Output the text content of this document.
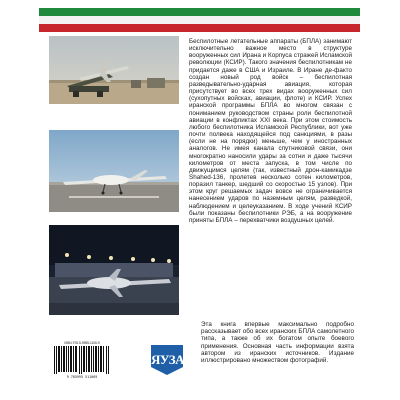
Беспилотные летательные аппараты (БПЛА) занимают исключительно важное место в структуре вооруженных сил Ирана и Корпуса стражей Исламской революции (КСИР). Такого значения беспилотникам не придается даже в США и Израиле. В Иране де-факто создан новый род войск – беспилотная разведывательно-ударная авиация, которая присутствует во всех трех видах вооруженных сил (сухопутных войсках, авиации, флоте) и КСИР. Успех иранской программы БПЛА во многом связан с пониманием руководством страны роли беспилотной авиации в конфликтах XXI века. При этом стоимость любого беспилотника Исламской Республики, вот уже почти полвека находящейся под санкциями, в разы (если не на порядки) меньше, чем у иностранных аналогов. Не имея канала спутниковой связи, они многократно наносили удары за сотни и даже тысячи километров от места запуска, в том числе по движущимся целям (так, известный дрон-камикадзе Shahed-136, пролетев несколько сотен километров, поразил танкер, шедший со скоростью 15 узлов). При этом круг решаемых задач вовсе не ограничивается нанесением ударов по наземным целям, разведкой, наблюдением и целеуказанием. В ходе учений КСИР были показаны беспилотники РЭБ, а на вооружение приняты БПЛА – перехватчики воздушных целей.

Эта книга впервые максимально подробно рассказывает обо всех иранских БПЛА самолетного типа, а также об их богатом опыте боевого применения. Основная часть информации взята автором из иранских источников. Издание иллюстрировано множеством фотографий.

ISBN 978-5-9955-1106-9
9 785995 511069
ЯУЗА
